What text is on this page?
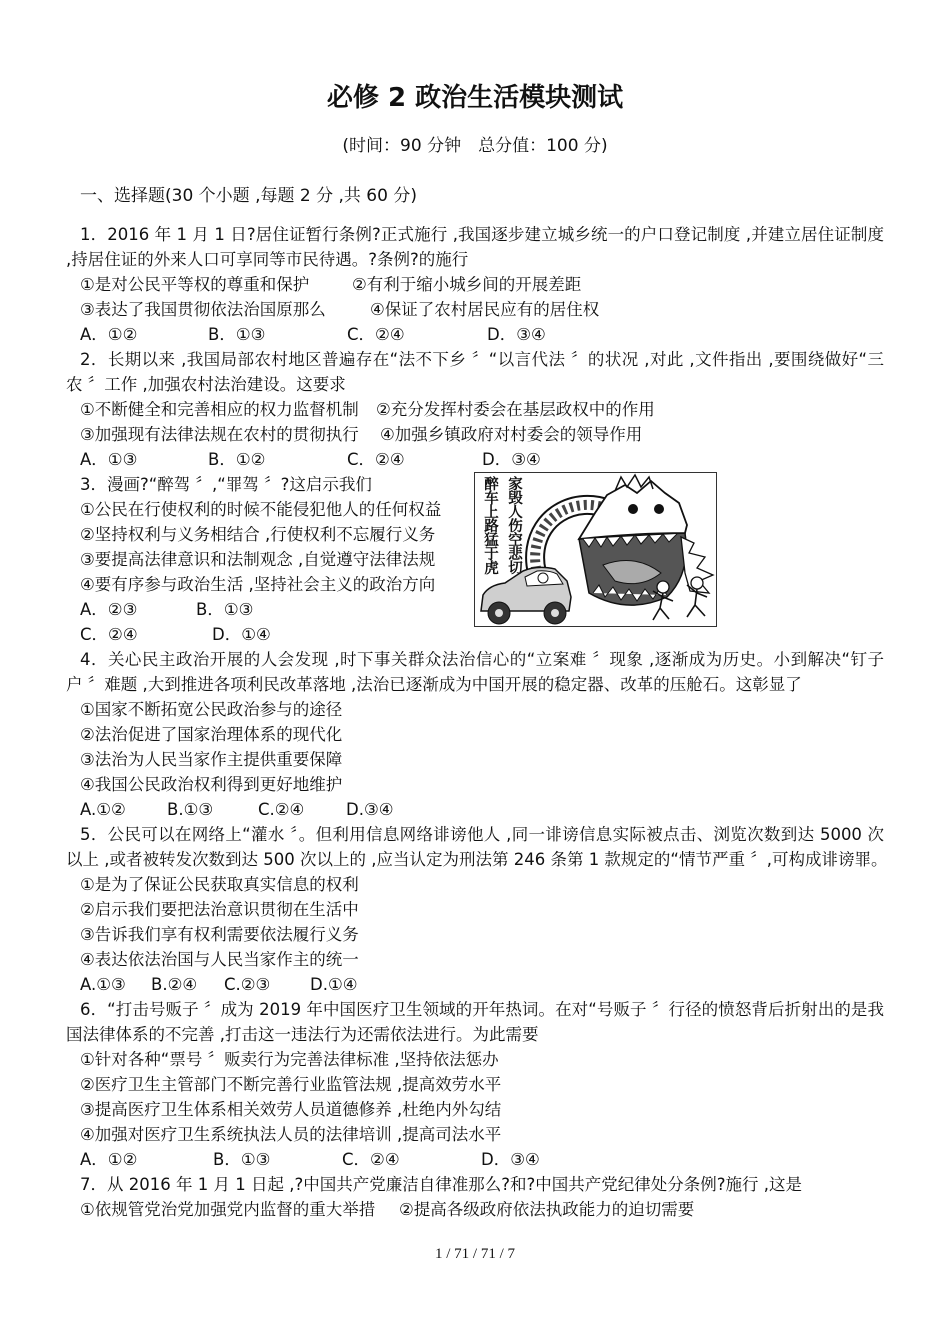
必修 2 政治生活模块测试
(时间：90 分钟　总分值：100 分)
一、选择题(30 个小题 ,每题 2 分 ,共 60 分)
1．2016 年 1 月 1 日?居住证暂行条例?正式施行 ,我国逐步建立城乡统一的户口登记制度 ,并建立居住证制度
,持居住证的外来人口可享同等市民待遇。?条例?的施行
①是对公民平等权的尊重和保护	②有利于缩小城乡间的开展差距
③表达了我国贯彻依法治国原那么	④保证了农村居民应有的居住权
A．①②	B．①③	C．②④	D．③④
2．长期以来 ,我国局部农村地区普遍存在“法不下乡 〞“以言代法 〞的状况 ,对此 ,文件指出 ,要围绕做好“三
农 〞工作 ,加强农村法治建设。这要求
①不断健全和完善相应的权力监督机制 ②充分发挥村委会在基层政权中的作用
③加强现有法律法规在农村的贯彻执行 ④加强乡镇政府对村委会的领导作用
A．①③	B．①②	C．②④	D．③④
3．漫画?“醉驾 〞,“罪驾 〞?这启示我们
①公民在行使权利的时候不能侵犯他人的任何权益
②坚持权利与义务相结合 ,行使权利不忘履行义务
③要提高法律意识和法制观念 ,自觉遵守法律法规
④要有序参与政治生活 ,坚持社会主义的政治方向
A．②③	B．①③
C．②④	D．①④
4．关心民主政治开展的人会发现 ,时下事关群众法治信心的“立案难 〞现象 ,逐渐成为历史。小到解决“钉子
户 〞难题 ,大到推进各项利民改革落地 ,法治已逐渐成为中国开展的稳定器、改革的压舱石。这彰显了
①国家不断拓宽公民政治参与的途径
②法治促进了国家治理体系的现代化
③法治为人民当家作主提供重要保障
④我国公民政治权利得到更好地维护
A.①② B.①③	C.②④	D.③④
5．公民可以在网络上“灌水 〞。但利用信息网络诽谤他人 ,同一诽谤信息实际被点击、浏览次数到达 5000 次
以上 ,或者被转发次数到达 500 次以上的 ,应当认定为刑法第 246 条第 1 款规定的“情节严重 〞,可构成诽谤罪。
①是为了保证公民获取真实信息的权利
②启示我们要把法治意识贯彻在生活中
③告诉我们享有权利需要依法履行义务
④表达依法治国与人民当家作主的统一
A.①③ B.②④ C.②③ D.①④
6．“打击号贩子 〞成为 2019 年中国医疗卫生领域的开年热词。在对“号贩子 〞行径的愤怒背后折射出的是我
国法律体系的不完善 ,打击这一违法行为还需依法进行。为此需要
①针对各种“票号 〞贩卖行为完善法律标准 ,坚持依法惩办
②医疗卫生主管部门不断完善行业监管法规 ,提高效劳水平
③提高医疗卫生体系相关效劳人员道德修养 ,杜绝内外勾结
④加强对医疗卫生系统执法人员的法律培训 ,提高司法水平
A．①②	B．①③	C．②④	D．③④
7．从 2016 年 1 月 1 日起 ,?中国共产党廉洁自律准那么?和?中国共产党纪律处分条例?施行 ,这是
①依规管党治党加强党内监督的重大举措 ②提高各级政府依法执政能力的迫切需要
醉车上路猛于虎 家毁人伤空悲切
1 / 71 / 71 / 7
